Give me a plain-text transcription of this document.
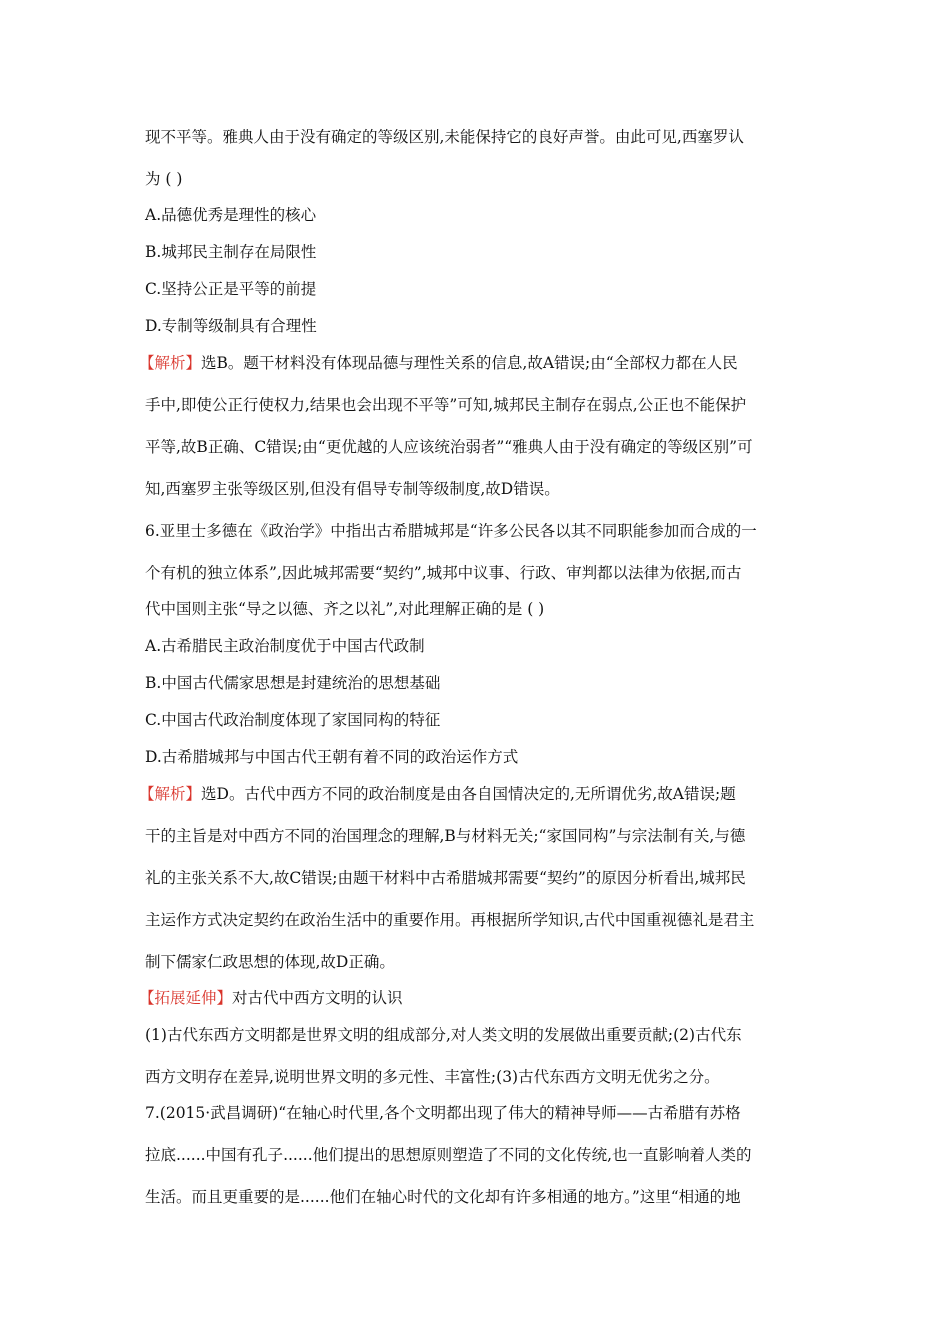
现不平等。雅典人由于没有确定的等级区别,未能保持它的良好声誉。由此可见,西塞罗认
为 ( )
A.品德优秀是理性的核心
B.城邦民主制存在局限性
C.坚持公正是平等的前提
D.专制等级制具有合理性
【解析】选B。题干材料没有体现品德与理性关系的信息,故A错误;由“全部权力都在人民
手中,即使公正行使权力,结果也会出现不平等”可知,城邦民主制存在弱点,公正也不能保护
平等,故B正确、C错误;由“更优越的人应该统治弱者”“雅典人由于没有确定的等级区别”可
知,西塞罗主张等级区别,但没有倡导专制等级制度,故D错误。
6.亚里士多德在《政治学》中指出古希腊城邦是“许多公民各以其不同职能参加而合成的一
个有机的独立体系”,因此城邦需要“契约”,城邦中议事、行政、审判都以法律为依据,而古
代中国则主张“导之以德、齐之以礼”,对此理解正确的是 ( )
A.古希腊民主政治制度优于中国古代政制
B.中国古代儒家思想是封建统治的思想基础
C.中国古代政治制度体现了家国同构的特征
D.古希腊城邦与中国古代王朝有着不同的政治运作方式
【解析】选D。古代中西方不同的政治制度是由各自国情决定的,无所谓优劣,故A错误;题
干的主旨是对中西方不同的治国理念的理解,B与材料无关;“家国同构”与宗法制有关,与德
礼的主张关系不大,故C错误;由题干材料中古希腊城邦需要“契约”的原因分析看出,城邦民
主运作方式决定契约在政治生活中的重要作用。再根据所学知识,古代中国重视德礼是君主
制下儒家仁政思想的体现,故D正确。
【拓展延伸】对古代中西方文明的认识
(1)古代东西方文明都是世界文明的组成部分,对人类文明的发展做出重要贡献;(2)古代东
西方文明存在差异,说明世界文明的多元性、丰富性;(3)古代东西方文明无优劣之分。
7.(2015·武昌调研)“在轴心时代里,各个文明都出现了伟大的精神导师——古希腊有苏格
拉底......中国有孔子......他们提出的思想原则塑造了不同的文化传统,也一直影响着人类的
生活。而且更重要的是......他们在轴心时代的文化却有许多相通的地方。”这里“相通的地
